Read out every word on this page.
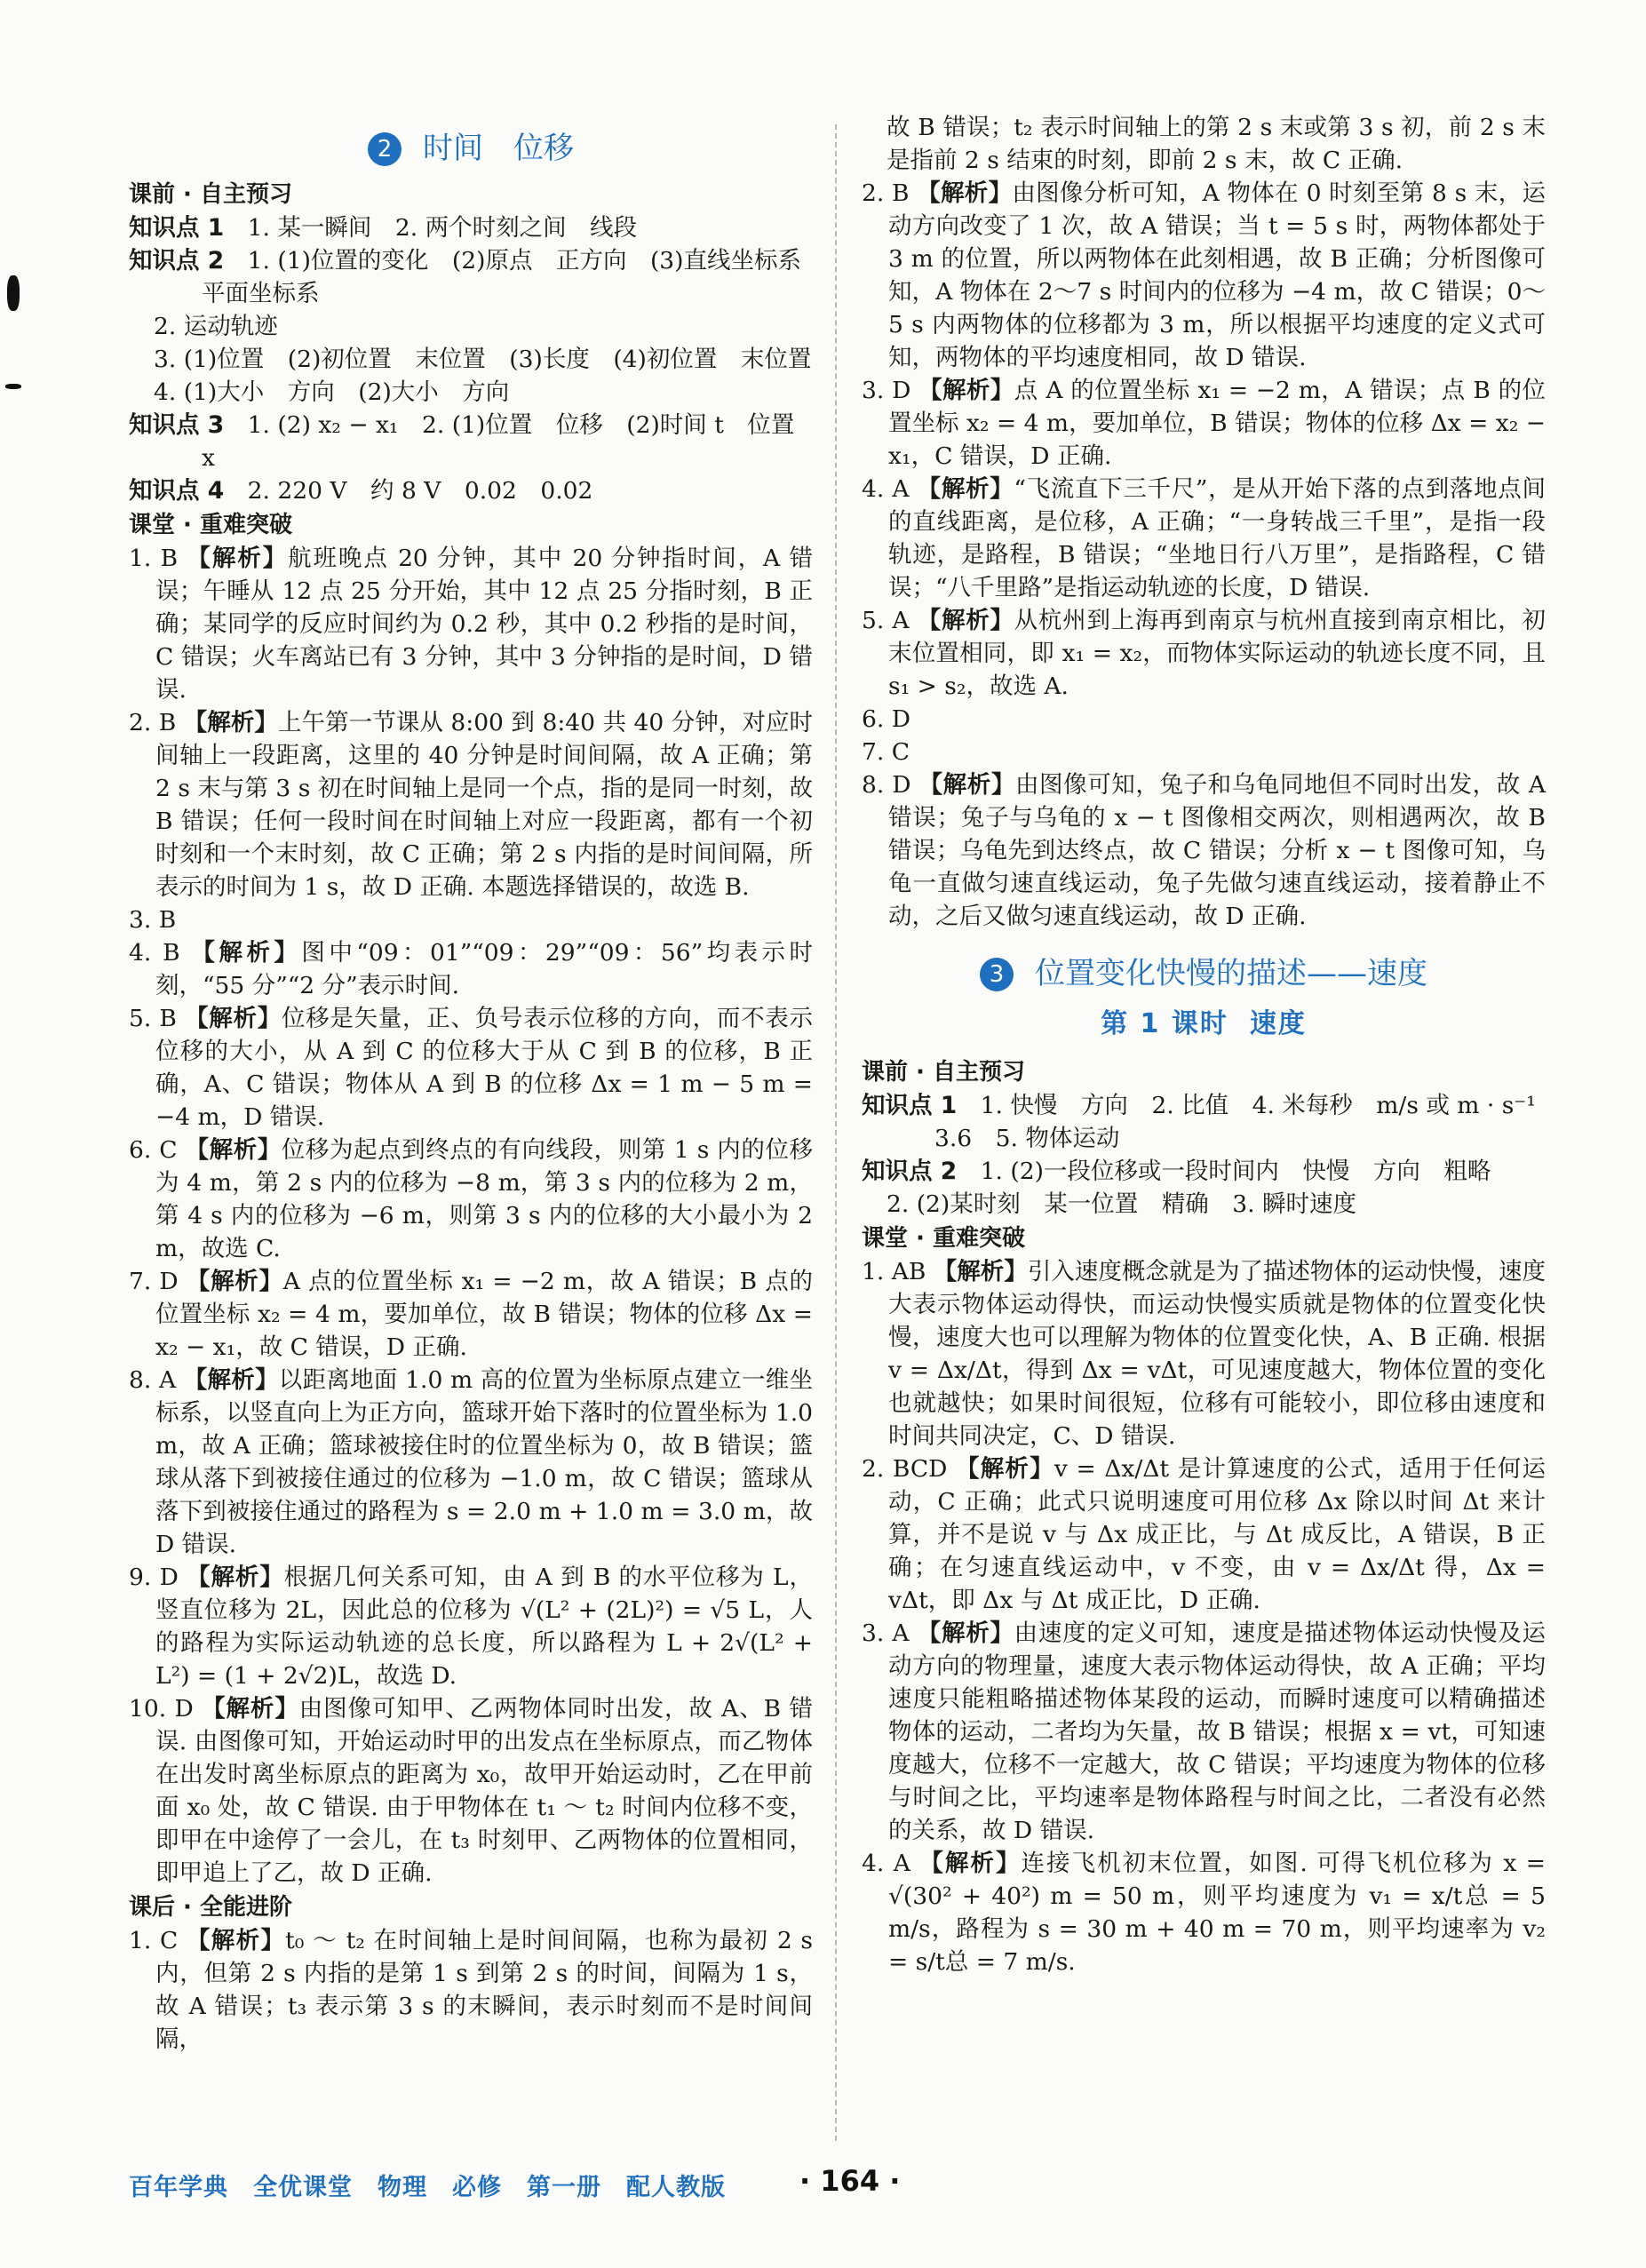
2 时间　位移
课前 · 自主预习
知识点 1　 1. 某一瞬间　2. 两个时刻之间　线段
知识点 2　 1. (1)位置的变化　(2)原点　正方向　(3)直线坐标系　平面坐标系
2. 运动轨迹
3. (1)位置　(2)初位置　末位置　(3)长度　(4)初位置　末位置
4. (1)大小　方向　(2)大小　方向
知识点 3　 1. (2) x₂ − x₁　2. (1)位置　位移　(2)时间 t　位置 x
知识点 4　 2. 220 V　约 8 V　0.02　0.02
课堂 · 重难突破
1. B 【解析】航班晚点 20 分钟，其中 20 分钟指时间，A 错误；午睡从 12 点 25 分开始，其中 12 点 25 分指时刻，B 正确；某同学的反应时间约为 0.2 秒，其中 0.2 秒指的是时间，C 错误；火车离站已有 3 分钟，其中 3 分钟指的是时间，D 错误.
2. B 【解析】上午第一节课从 8:00 到 8:40 共 40 分钟，对应时间轴上一段距离，这里的 40 分钟是时间间隔，故 A 正确；第 2 s 末与第 3 s 初在时间轴上是同一个点，指的是同一时刻，故 B 错误；任何一段时间在时间轴上对应一段距离，都有一个初时刻和一个末时刻，故 C 正确；第 2 s 内指的是时间间隔，所表示的时间为 1 s，故 D 正确. 本题选择错误的，故选 B.
3. B
4. B 【解析】图中“09：01”“09：29”“09：56”均表示时刻，“55 分”“2 分”表示时间.
5. B 【解析】位移是矢量，正、负号表示位移的方向，而不表示位移的大小，从 A 到 C 的位移大于从 C 到 B 的位移，B 正确，A、C 错误；物体从 A 到 B 的位移 Δx = 1 m − 5 m = −4 m，D 错误.
6. C 【解析】位移为起点到终点的有向线段，则第 1 s 内的位移为 4 m，第 2 s 内的位移为 −8 m，第 3 s 内的位移为 2 m，第 4 s 内的位移为 −6 m，则第 3 s 内的位移的大小最小为 2 m，故选 C.
7. D 【解析】A 点的位置坐标 x₁ = −2 m，故 A 错误；B 点的位置坐标 x₂ = 4 m，要加单位，故 B 错误；物体的位移 Δx = x₂ − x₁，故 C 错误，D 正确.
8. A 【解析】以距离地面 1.0 m 高的位置为坐标原点建立一维坐标系，以竖直向上为正方向，篮球开始下落时的位置坐标为 1.0 m，故 A 正确；篮球被接住时的位置坐标为 0，故 B 错误；篮球从落下到被接住通过的位移为 −1.0 m，故 C 错误；篮球从落下到被接住通过的路程为 s = 2.0 m + 1.0 m = 3.0 m，故 D 错误.
9. D 【解析】根据几何关系可知，由 A 到 B 的水平位移为 L，竖直位移为 2L，因此总的位移为 √(L² + (2L)²) = √5 L，人的路程为实际运动轨迹的总长度，所以路程为 L + 2√(L² + L²) = (1 + 2√2)L，故选 D.
10. D 【解析】由图像可知甲、乙两物体同时出发，故 A、B 错误. 由图像可知，开始运动时甲的出发点在坐标原点，而乙物体在出发时离坐标原点的距离为 x₀，故甲开始运动时，乙在甲前面 x₀ 处，故 C 错误. 由于甲物体在 t₁ ～ t₂ 时间内位移不变，即甲在中途停了一会儿，在 t₃ 时刻甲、乙两物体的位置相同，即甲追上了乙，故 D 正确.
课后 · 全能进阶
1. C 【解析】t₀ ～ t₂ 在时间轴上是时间间隔，也称为最初 2 s 内，但第 2 s 内指的是第 1 s 到第 2 s 的时间，间隔为 1 s，故 A 错误；t₃ 表示第 3 s 的末瞬间，表示时刻而不是时间间隔，
故 B 错误；t₂ 表示时间轴上的第 2 s 末或第 3 s 初，前 2 s 末是指前 2 s 结束的时刻，即前 2 s 末，故 C 正确.
2. B 【解析】由图像分析可知，A 物体在 0 时刻至第 8 s 末，运动方向改变了 1 次，故 A 错误；当 t = 5 s 时，两物体都处于 3 m 的位置，所以两物体在此刻相遇，故 B 正确；分析图像可知，A 物体在 2～7 s 时间内的位移为 −4 m，故 C 错误；0～5 s 内两物体的位移都为 3 m，所以根据平均速度的定义式可知，两物体的平均速度相同，故 D 错误.
3. D 【解析】点 A 的位置坐标 x₁ = −2 m，A 错误；点 B 的位置坐标 x₂ = 4 m，要加单位，B 错误；物体的位移 Δx = x₂ − x₁，C 错误，D 正确.
4. A 【解析】“飞流直下三千尺”，是从开始下落的点到落地点间的直线距离，是位移，A 正确；“一身转战三千里”，是指一段轨迹，是路程，B 错误；“坐地日行八万里”，是指路程，C 错误；“八千里路”是指运动轨迹的长度，D 错误.
5. A 【解析】从杭州到上海再到南京与杭州直接到南京相比，初末位置相同，即 x₁ = x₂，而物体实际运动的轨迹长度不同，且 s₁ > s₂，故选 A.
6. D
7. C
8. D 【解析】由图像可知，兔子和乌龟同地但不同时出发，故 A 错误；兔子与乌龟的 x − t 图像相交两次，则相遇两次，故 B 错误；乌龟先到达终点，故 C 错误；分析 x − t 图像可知，乌龟一直做匀速直线运动，兔子先做匀速直线运动，接着静止不动，之后又做匀速直线运动，故 D 正确.
3 位置变化快慢的描述——速度
第 1 课时 速度
课前 · 自主预习
知识点 1　 1. 快慢　方向　2. 比值　4. 米每秒　m/s 或 m · s⁻¹　3.6　5. 物体运动
知识点 2　 1. (2)一段位移或一段时间内　快慢　方向　粗略
2. (2)某时刻　某一位置　精确　3. 瞬时速度
课堂 · 重难突破
1. AB 【解析】引入速度概念就是为了描述物体的运动快慢，速度大表示物体运动得快，而运动快慢实质就是物体的位置变化快慢，速度大也可以理解为物体的位置变化快，A、B 正确. 根据 v = Δx/Δt，得到 Δx = vΔt，可见速度越大，物体位置的变化也就越快；如果时间很短，位移有可能较小，即位移由速度和时间共同决定，C、D 错误.
2. BCD 【解析】v = Δx/Δt 是计算速度的公式，适用于任何运动，C 正确；此式只说明速度可用位移 Δx 除以时间 Δt 来计算，并不是说 v 与 Δx 成正比，与 Δt 成反比，A 错误，B 正确；在匀速直线运动中，v 不变，由 v = Δx/Δt 得，Δx = vΔt，即 Δx 与 Δt 成正比，D 正确.
3. A 【解析】由速度的定义可知，速度是描述物体运动快慢及运动方向的物理量，速度大表示物体运动得快，故 A 正确；平均速度只能粗略描述物体某段的运动，而瞬时速度可以精确描述物体的运动，二者均为矢量，故 B 错误；根据 x = vt，可知速度越大，位移不一定越大，故 C 错误；平均速度为物体的位移与时间之比，平均速率是物体路程与时间之比，二者没有必然的关系，故 D 错误.
4. A 【解析】连接飞机初末位置，如图. 可得飞机位移为 x = √(30² + 40²) m = 50 m，则平均速度为 v₁ = x/t总 = 5 m/s，路程为 s = 30 m + 40 m = 70 m，则平均速率为 v₂ = s/t总 = 7 m/s.
百年学典　全优课堂　物理　必修　第一册　配人教版	· 164 ·
